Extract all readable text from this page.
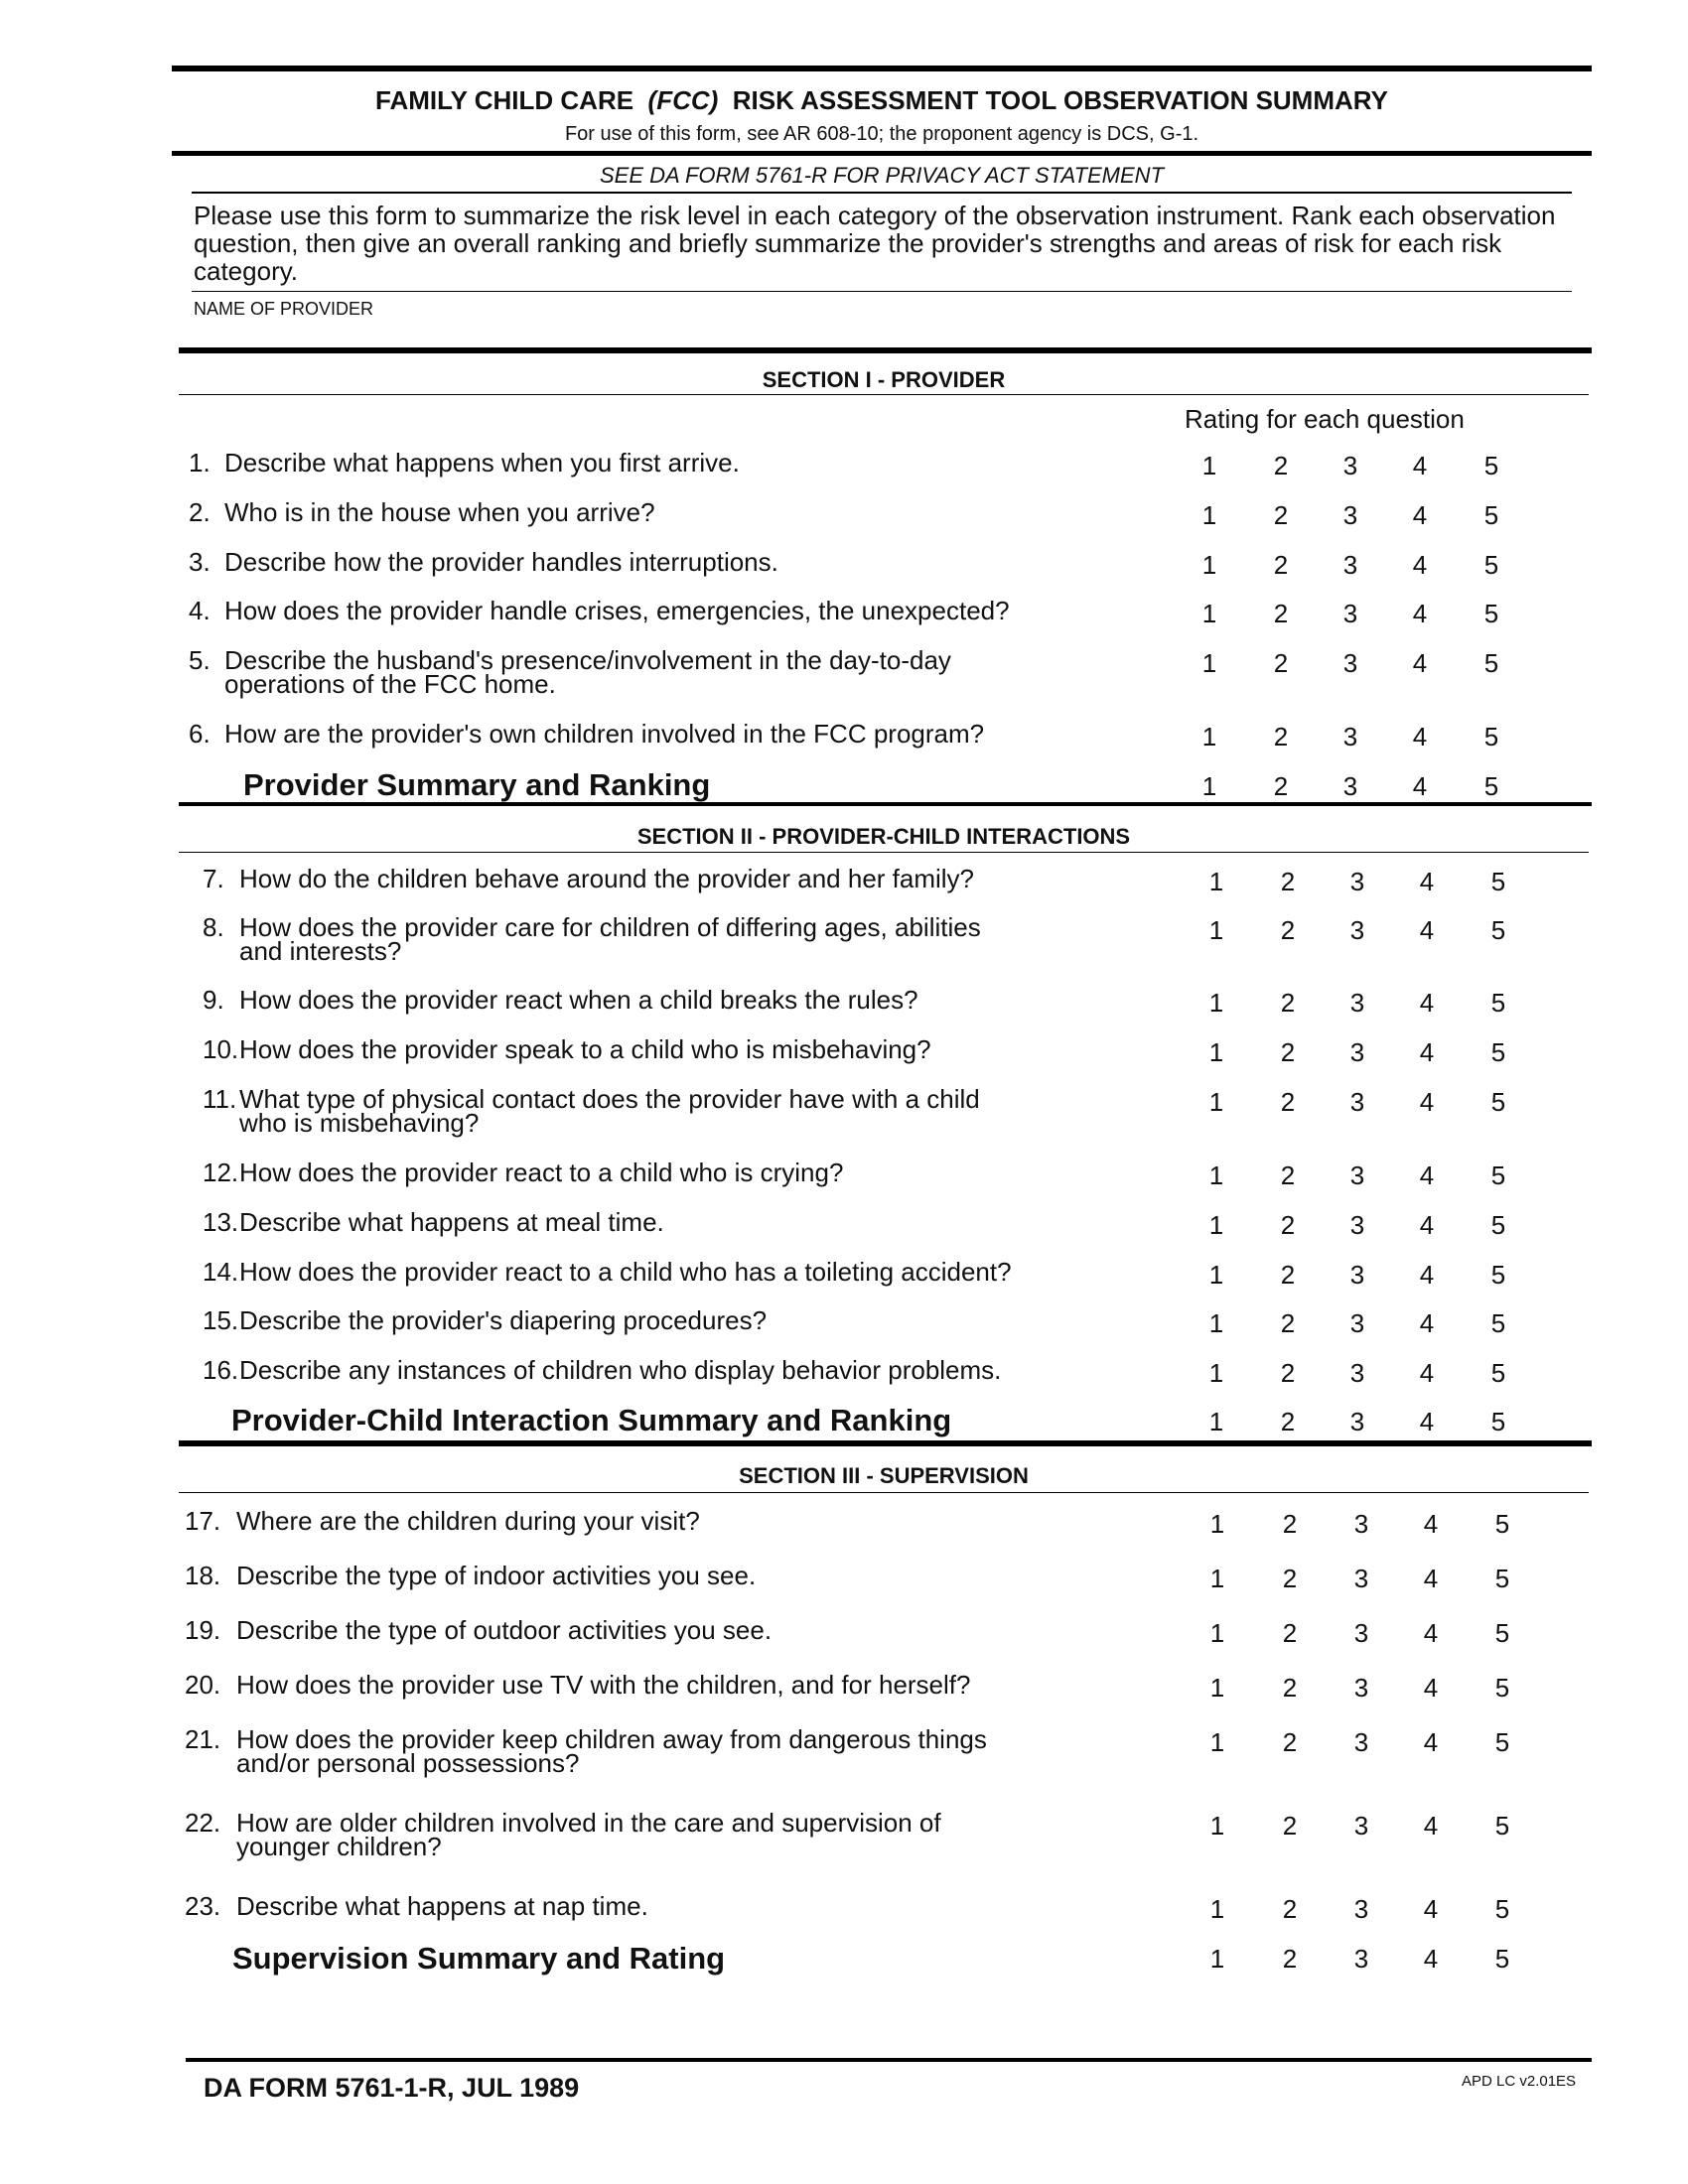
FAMILY CHILD CARE (FCC) RISK ASSESSMENT TOOL OBSERVATION SUMMARY
For use of this form, see AR 608-10; the proponent agency is DCS, G-1.
SEE DA FORM 5761-R FOR PRIVACY ACT STATEMENT
Please use this form to summarize the risk level in each category of the observation instrument. Rank each observation question, then give an overall ranking and briefly summarize the provider's strengths and areas of risk for each risk category.
NAME OF PROVIDER
Rating for each question
SECTION I - PROVIDER
1. Describe what happens when you first arrive.	1 2 3 4 5
2. Who is in the house when you arrive?	1 2 3 4 5
3. Describe how the provider handles interruptions.	1 2 3 4 5
4. How does the provider handle crises, emergencies, the unexpected?	1 2 3 4 5
5. Describe the husband's presence/involvement in the day-to-day
operations of the FCC home.
1 2 3 4 5
6. How are the provider's own children involved in the FCC program?	1 2 3 4 5
Provider Summary and Ranking	1 2 3 4 5
SECTION II - PROVIDER-CHILD INTERACTIONS
7. How do the children behave around the provider and her family?	1 2 3 4 5
8. How does the provider care for children of differing ages, abilities
and interests?
1 2 3 4 5
9. How does the provider react when a child breaks the rules?	1 2 3 4 5
10. How does the provider speak to a child who is misbehaving?	1 2 3 4 5
11. What type of physical contact does the provider have with a child
who is misbehaving?
1 2 3 4 5
12. How does the provider react to a child who is crying?	1 2 3 4 5
13. Describe what happens at meal time.	1 2 3 4 5
14. How does the provider react to a child who has a toileting accident?	1 2 3 4 5
15. Describe the provider's diapering procedures?	1 2 3 4 5
16. Describe any instances of children who display behavior problems.	1 2 3 4 5
Provider-Child Interaction Summary and Ranking	1 2 3 4 5
SECTION III - SUPERVISION
17. Where are the children during your visit?	1 2 3 4 5
18. Describe the type of indoor activities you see.	1 2 3 4 5
19. Describe the type of outdoor activities you see.	1 2 3 4 5
20. How does the provider use TV with the children, and for herself?	1 2 3 4 5
21. How does the provider keep children away from dangerous things
and/or personal possessions?
1 2 3 4 5
22. How are older children involved in the care and supervision of
younger children?
1 2 3 4 5
23. Describe what happens at nap time.	1 2 3 4 5
Supervision Summary and Rating	1 2 3 4 5
DA FORM 5761-1-R, JUL 1989	APD LC v2.01ES
